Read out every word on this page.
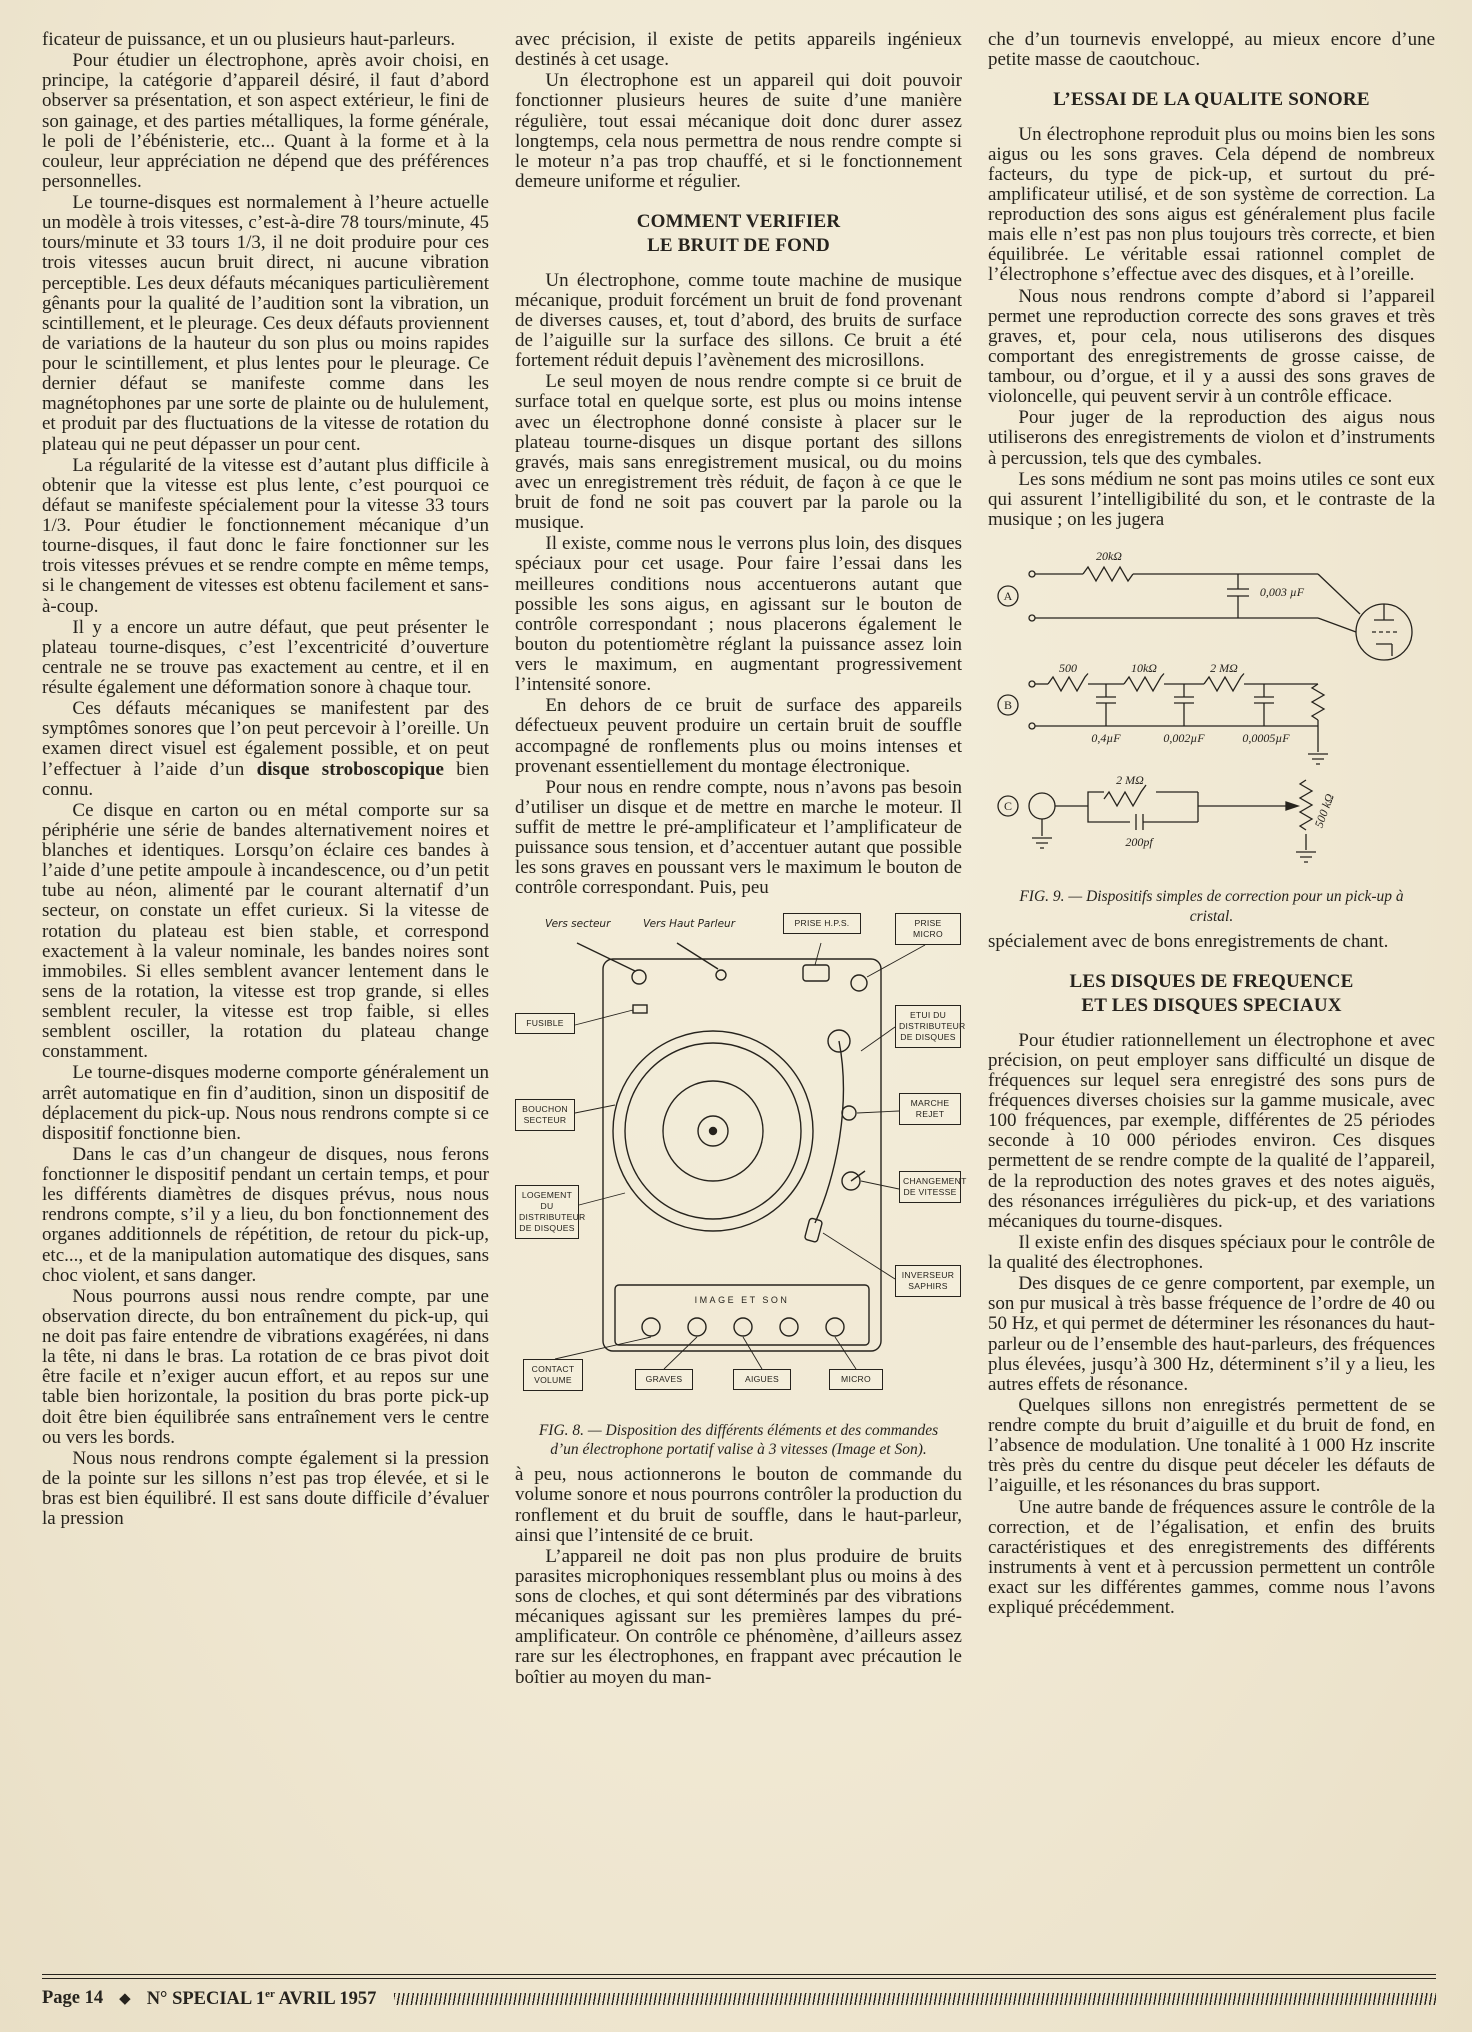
ficateur de puissance, et un ou plusieurs haut-parleurs.

Pour étudier un électrophone, après avoir choisi, en principe, la catégorie d’appareil désiré, il faut d’abord observer sa présentation, et son aspect extérieur, le fini de son gainage, et des parties métalliques, la forme générale, le poli de l’ébénisterie, etc... Quant à la forme et à la couleur, leur appréciation ne dépend que des préférences personnelles.

Le tourne-disques est normalement à l’heure actuelle un modèle à trois vitesses, c’est-à-dire 78 tours/minute, 45 tours/minute et 33 tours 1/3, il ne doit produire pour ces trois vitesses aucun bruit direct, ni aucune vibration perceptible. Les deux défauts mécaniques particulièrement gênants pour la qualité de l’audition sont la vibration, un scintillement, et le pleurage. Ces deux défauts proviennent de variations de la hauteur du son plus ou moins rapides pour le scintillement, et plus lentes pour le pleurage. Ce dernier défaut se manifeste comme dans les magnétophones par une sorte de plainte ou de hululement, et produit par des fluctuations de la vitesse de rotation du plateau qui ne peut dépasser un pour cent.

La régularité de la vitesse est d’autant plus difficile à obtenir que la vitesse est plus lente, c’est pourquoi ce défaut se manifeste spécialement pour la vitesse 33 tours 1/3. Pour étudier le fonctionnement mécanique d’un tourne-disques, il faut donc le faire fonctionner sur les trois vitesses prévues et se rendre compte en même temps, si le changement de vitesses est obtenu facilement et sans-à-coup.

Il y a encore un autre défaut, que peut présenter le plateau tourne-disques, c’est l’excentricité d’ouverture centrale ne se trouve pas exactement au centre, et il en résulte également une déformation sonore à chaque tour.

Ces défauts mécaniques se manifestent par des symptômes sonores que l’on peut percevoir à l’oreille. Un examen direct visuel est également possible, et on peut l’effectuer à l’aide d’un disque stroboscopique bien connu.

Ce disque en carton ou en métal comporte sur sa périphérie une série de bandes alternativement noires et blanches et identiques. Lorsqu’on éclaire ces bandes à l’aide d’une petite ampoule à incandescence, ou d’un petit tube au néon, alimenté par le courant alternatif d’un secteur, on constate un effet curieux. Si la vitesse de rotation du plateau est bien stable, et correspond exactement à la valeur nominale, les bandes noires sont immobiles. Si elles semblent avancer lentement dans le sens de la rotation, la vitesse est trop grande, si elles semblent reculer, la vitesse est trop faible, si elles semblent osciller, la rotation du plateau change constamment.

Le tourne-disques moderne comporte généralement un arrêt automatique en fin d’audition, sinon un dispositif de déplacement du pick-up. Nous nous rendrons compte si ce dispositif fonctionne bien.

Dans le cas d’un changeur de disques, nous ferons fonctionner le dispositif pendant un certain temps, et pour les différents diamètres de disques prévus, nous nous rendrons compte, s’il y a lieu, du bon fonctionnement des organes additionnels de répétition, de retour du pick-up, etc..., et de la manipulation automatique des disques, sans choc violent, et sans danger.

Nous pourrons aussi nous rendre compte, par une observation directe, du bon entraînement du pick-up, qui ne doit pas faire entendre de vibrations exagérées, ni dans la tête, ni dans le bras. La rotation de ce bras pivot doit être facile et n’exiger aucun effort, et au repos sur une table bien horizontale, la position du bras porte pick-up doit être bien équilibrée sans entraînement vers le centre ou vers les bords.

Nous nous rendrons compte également si la pression de la pointe sur les sillons n’est pas trop élevée, et si le bras est bien équilibré. Il est sans doute difficile d’évaluer la pression

avec précision, il existe de petits appareils ingénieux destinés à cet usage.

Un électrophone est un appareil qui doit pouvoir fonctionner plusieurs heures de suite d’une manière régulière, tout essai mécanique doit donc durer assez longtemps, cela nous permettra de nous rendre compte si le moteur n’a pas trop chauffé, et si le fonctionnement demeure uniforme et régulier.

COMMENT VERIFIER
LE BRUIT DE FOND

Un électrophone, comme toute machine de musique mécanique, produit forcément un bruit de fond provenant de diverses causes, et, tout d’abord, des bruits de surface de l’aiguille sur la surface des sillons. Ce bruit a été fortement réduit depuis l’avènement des microsillons.

Le seul moyen de nous rendre compte si ce bruit de surface total en quelque sorte, est plus ou moins intense avec un électrophone donné consiste à placer sur le plateau tourne-disques un disque portant des sillons gravés, mais sans enregistrement musical, ou du moins avec un enregistrement très réduit, de façon à ce que le bruit de fond ne soit pas couvert par la parole ou la musique.

Il existe, comme nous le verrons plus loin, des disques spéciaux pour cet usage. Pour faire l’essai dans les meilleures conditions nous accentuerons autant que possible les sons aigus, en agissant sur le bouton de contrôle correspondant ; nous placerons également le bouton du potentiomètre réglant la puissance assez loin vers le maximum, en augmentant progressivement l’intensité sonore.

En dehors de ce bruit de surface des appareils défectueux peuvent produire un certain bruit de souffle accompagné de ronflements plus ou moins intenses et provenant essentiellement du montage électronique.

Pour nous en rendre compte, nous n’avons pas besoin d’utiliser un disque et de mettre en marche le moteur. Il suffit de mettre le pré-amplificateur et l’amplificateur de puissance sous tension, et d’accentuer autant que possible les sons graves en poussant vers le maximum le bouton de contrôle correspondant. Puis, peu

IMAGE ET SON
Vers secteur	Vers Haut Parleur	PRISE H.P.S.	PRISE MICRO
FUSIBLE
ETUI DU DISTRIBUTEUR DE DISQUES
BOUCHON SECTEUR
MARCHE REJET
LOGEMENT DU DISTRIBUTEUR DE DISQUES
CHANGEMENT DE VITESSE
INVERSEUR SAPHIRS
CONTACT VOLUME	GRAVES	AIGUES	MICRO
FIG. 8. — Disposition des différents éléments et des commandes d’un électrophone portatif valise à 3 vitesses (Image et Son).

à peu, nous actionnerons le bouton de commande du volume sonore et nous pourrons contrôler la production du ronflement et du bruit de souffle, dans le haut-parleur, ainsi que l’intensité de ce bruit.

L’appareil ne doit pas non plus produire de bruits parasites microphoniques ressemblant plus ou moins à des sons de cloches, et qui sont déterminés par des vibrations mécaniques agissant sur les premières lampes du pré-amplificateur. On contrôle ce phénomène, d’ailleurs assez rare sur les électrophones, en frappant avec précaution le boîtier au moyen du man-

che d’un tournevis enveloppé, au mieux encore d’une petite masse de caoutchouc.

L’ESSAI DE LA QUALITE SONORE

Un électrophone reproduit plus ou moins bien les sons aigus ou les sons graves. Cela dépend de nombreux facteurs, du type de pick-up, et surtout du pré-amplificateur utilisé, et de son système de correction. La reproduction des sons aigus est généralement plus facile mais elle n’est pas non plus toujours très correcte, et bien équilibrée. Le véritable essai rationnel complet de l’électrophone s’effectue avec des disques, et à l’oreille.

Nous nous rendrons compte d’abord si l’appareil permet une reproduction correcte des sons graves et très graves, et, pour cela, nous utiliserons des disques comportant des enregistrements de grosse caisse, de tambour, ou d’orgue, et il y a aussi des sons graves de violoncelle, qui peuvent servir à un contrôle efficace.

Pour juger de la reproduction des aigus nous utiliserons des enregistrements de violon et d’instruments à percussion, tels que des cymbales.

Les sons médium ne sont pas moins utiles ce sont eux qui assurent l’intelligibilité du son, et le contraste de la musique ; on les jugera

A
B
C
20kΩ
0,003 µF
500	10kΩ	2 MΩ
0,4µF	0,002µF	0,0005µF
2 MΩ
200pf
500 kΩ
FIG. 9. — Dispositifs simples de correction pour un pick-up à cristal.

spécialement avec de bons enregistrements de chant.

LES DISQUES DE FREQUENCE
ET LES DISQUES SPECIAUX

Pour étudier rationnellement un électrophone et avec précision, on peut employer sans difficulté un disque de fréquences sur lequel sera enregistré des sons purs de fréquences diverses choisies sur la gamme musicale, avec 100 fréquences, par exemple, différentes de 25 périodes seconde à 10 000 périodes environ. Ces disques permettent de se rendre compte de la qualité de l’appareil, de la reproduction des notes graves et des notes aiguës, des résonances irrégulières du pick-up, et des variations mécaniques du tourne-disques.

Il existe enfin des disques spéciaux pour le contrôle de la qualité des électrophones.

Des disques de ce genre comportent, par exemple, un son pur musical à très basse fréquence de l’ordre de 40 ou 50 Hz, et qui permet de déterminer les résonances du haut-parleur ou de l’ensemble des haut-parleurs, des fréquences plus élevées, jusqu’à 300 Hz, déterminent s’il y a lieu, les autres effets de résonance.

Quelques sillons non enregistrés permettent de se rendre compte du bruit d’aiguille et du bruit de fond, en l’absence de modulation. Une tonalité à 1 000 Hz inscrite très près du centre du disque peut déceler les défauts de l’aiguille, et les résonances du bras support.

Une autre bande de fréquences assure le contrôle de la correction, et de l’égalisation, et enfin des bruits caractéristiques et des enregistrements des différents instruments à vent et à percussion permettent un contrôle exact sur les différentes gammes, comme nous l’avons expliqué précédemment.

Page 14 ◆ N° SPECIAL 1er AVRIL 1957
